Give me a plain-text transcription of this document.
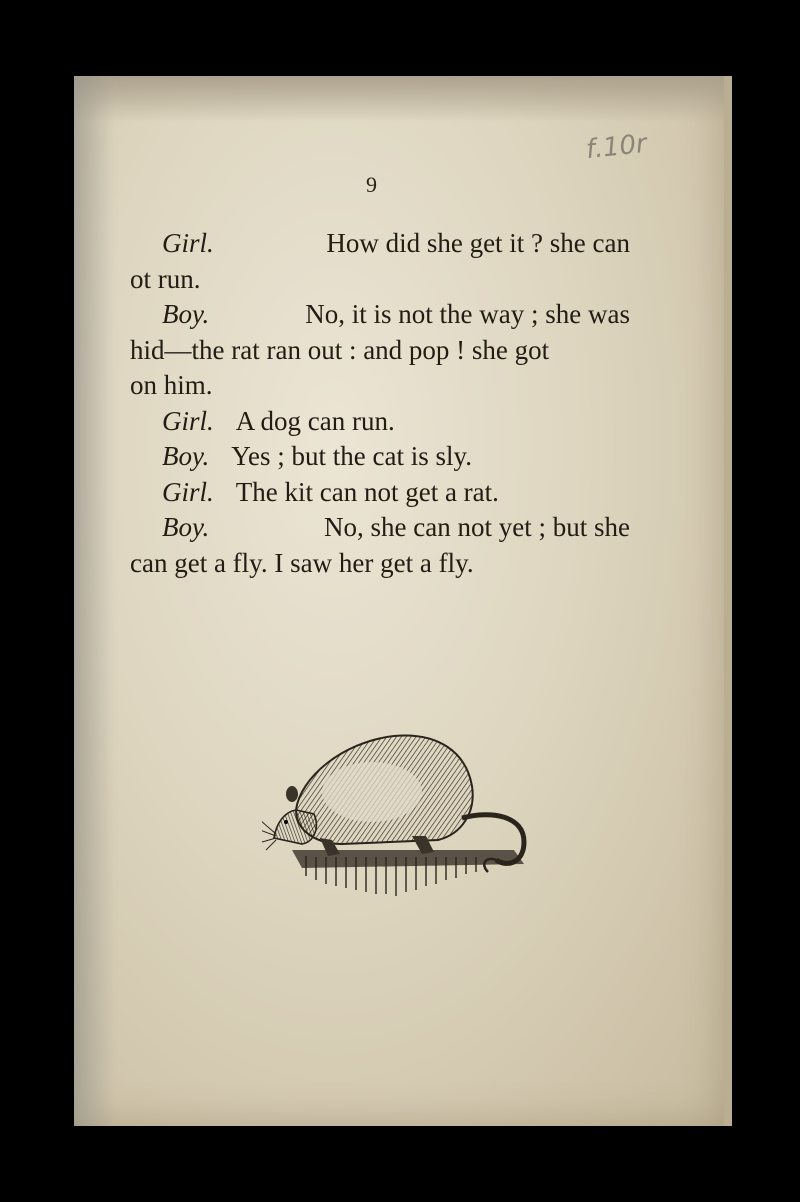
f.10r
9
Girl.	How did she get it ? she can
ot run.
Boy.	No, it is not the way ; she was
hid—the rat ran out : and pop ! she got
on him.
Girl. A dog can run.
Boy. Yes ; but the cat is sly.
Girl. The kit can not get a rat.
Boy.	No, she can not yet ; but she
can get a fly. I saw her get a fly.
